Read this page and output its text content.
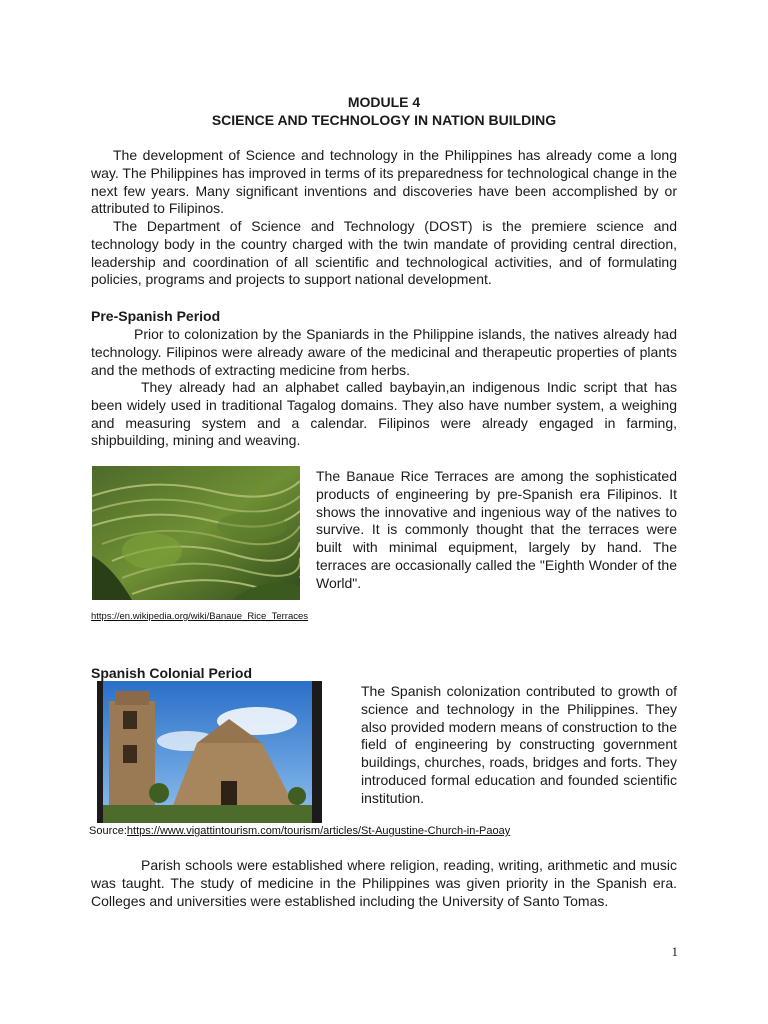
MODULE 4
SCIENCE AND TECHNOLOGY IN NATION BUILDING

The development of Science and technology in the Philippines has already come a long way. The Philippines has improved in terms of its preparedness for technological change in the next few years. Many significant inventions and discoveries have been accomplished by or attributed to Filipinos.

The Department of Science and Technology (DOST) is the premiere science and technology body in the country charged with the twin mandate of providing central direction, leadership and coordination of all scientific and technological activities, and of formulating policies, programs and projects to support national development.

Pre-Spanish Period

Prior to colonization by the Spaniards in the Philippine islands, the natives already had technology. Filipinos were already aware of the medicinal and therapeutic properties of plants and the methods of extracting medicine from herbs.

They already had an alphabet called baybayin,an indigenous Indic script that has been widely used in traditional Tagalog domains. They also have number system, a weighing and measuring system and a calendar. Filipinos were already engaged in farming, shipbuilding, mining and weaving.

The Banaue Rice Terraces are among the sophisticated products of engineering by pre-Spanish era Filipinos. It shows the innovative and ingenious way of the natives to survive. It is commonly thought that the terraces were built with minimal equipment, largely by hand. The terraces are occasionally called the "Eighth Wonder of the World".

https://en.wikipedia.org/wiki/Banaue_Rice_Terraces
Spanish Colonial Period

The Spanish colonization contributed to growth of science and technology in the Philippines. They also provided modern means of construction to the field of engineering by constructing government buildings, churches, roads, bridges and forts. They introduced formal education and founded scientific institution.

Source:https://www.vigattintourism.com/tourism/articles/St-Augustine-Church-in-Paoay

Parish schools were established where religion, reading, writing, arithmetic and music was taught. The study of medicine in the Philippines was given priority in the Spanish era. Colleges and universities were established including the University of Santo Tomas.

1
